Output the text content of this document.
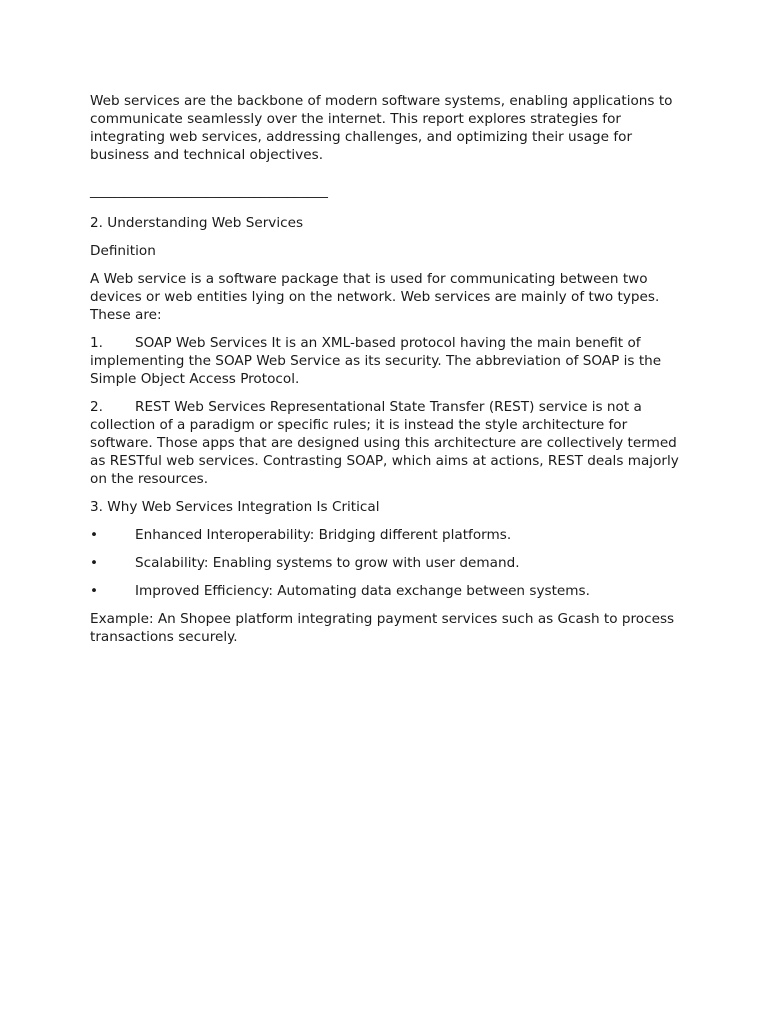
Web services are the backbone of modern software systems, enabling applications to communicate seamlessly over the internet. This report explores strategies for integrating web services, addressing challenges, and optimizing their usage for business and technical objectives.

___________________________________

2. Understanding Web Services

Definition

A Web service is a software package that is used for communicating between two devices or web entities lying on the network. Web services are mainly of two types. These are:

1. SOAP Web Services It is an XML-based protocol having the main benefit of implementing the SOAP Web Service as its security. The abbreviation of SOAP is the Simple Object Access Protocol.

2. REST Web Services Representational State Transfer (REST) service is not a collection of a paradigm or specific rules; it is instead the style architecture for software. Those apps that are designed using this architecture are collectively termed as RESTful web services. Contrasting SOAP, which aims at actions, REST deals majorly on the resources.

3. Why Web Services Integration Is Critical

•	Enhanced Interoperability: Bridging different platforms.
•	Scalability: Enabling systems to grow with user demand.
•	Improved Efficiency: Automating data exchange between systems.

Example: An Shopee platform integrating payment services such as Gcash to process transactions securely.
